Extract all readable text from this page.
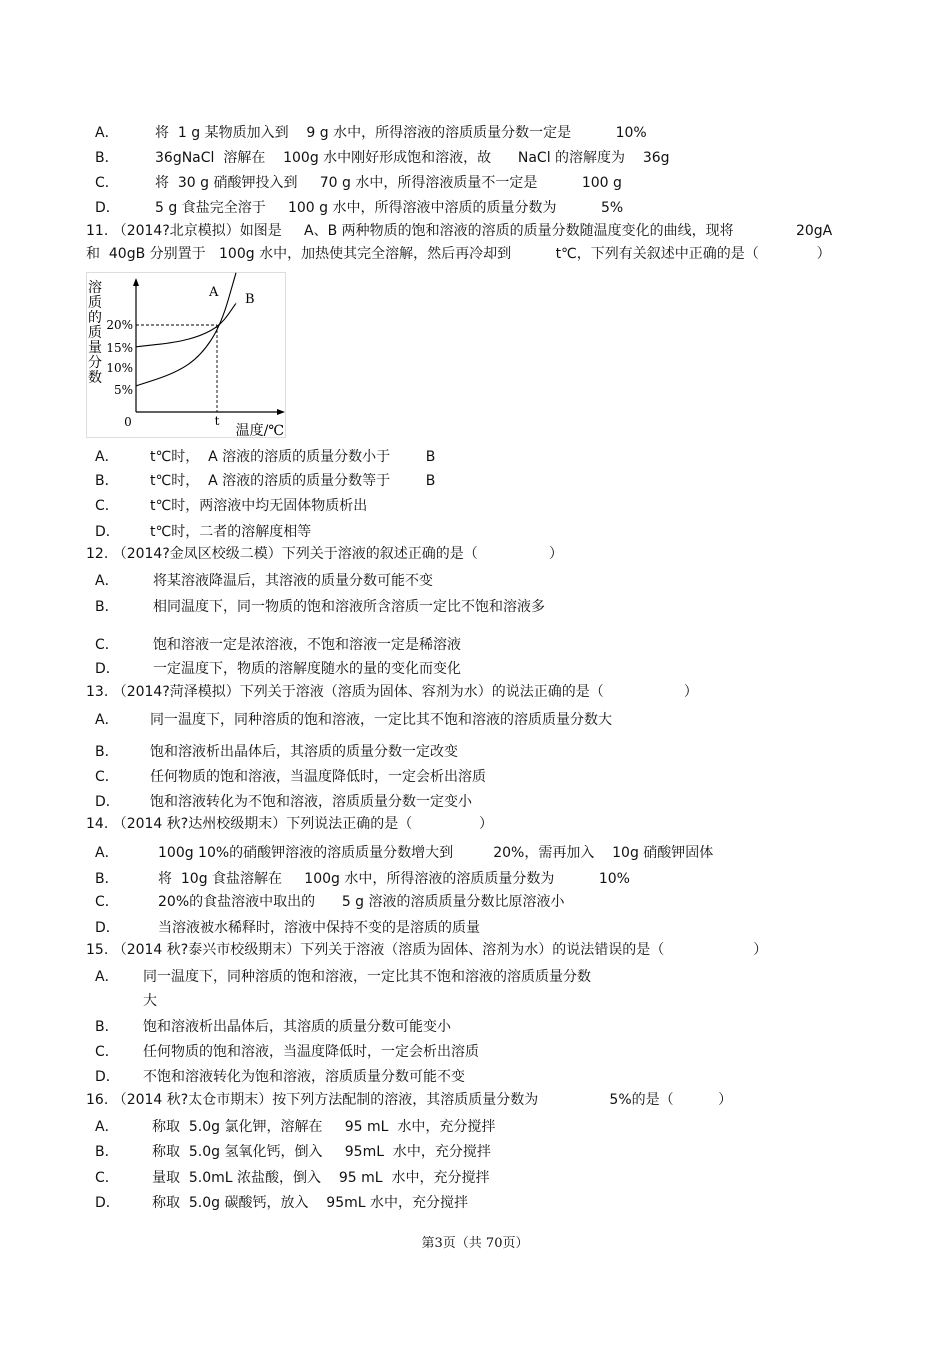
A．	将  1 g 某物质加入到    9 g 水中，所得溶液的溶质质量分数一定是          10%
B．	36gNaCl  溶解在    100g 水中刚好形成饱和溶液，故      NaCl 的溶解度为    36g
C．	将  30 g 硝酸钾投入到     70 g 水中，所得溶液质量不一定是          100 g
D．	5 g 食盐完全溶于     100 g 水中，所得溶液中溶质的质量分数为          5%
11. （2014?北京模拟）如图是     A、B 两种物质的饱和溶液的溶质的质量分数随温度变化的曲线，现将              20gA
和  40gB 分别置于   100g 水中，加热使其完全溶解，然后再冷却到          t℃，下列有关叙述中正确的是（             ）
溶
质
的
质
量
分
数
20%
15%
10%
5%
0	t
温度/℃
A B
A． t℃时，  A 溶液的溶质的质量分数小于        B
B． t℃时，  A 溶液的溶质的质量分数等于        B
C． t℃时，两溶液中均无固体物质析出
D． t℃时，二者的溶解度相等
12. （2014?金凤区校级二模）下列关于溶液的叙述正确的是（                ）
A． 将某溶液降温后，其溶液的质量分数可能不变
B． 相同温度下，同一物质的饱和溶液所含溶质一定比不饱和溶液多
C． 饱和溶液一定是浓溶液，不饱和溶液一定是稀溶液
D． 一定温度下，物质的溶解度随水的量的变化而变化
13. （2014?菏泽模拟）下列关于溶液（溶质为固体、容剂为水）的说法正确的是（                  ）
A． 同一温度下，同种溶质的饱和溶液，一定比其不饱和溶液的溶质质量分数大
B． 饱和溶液析出晶体后，其溶质的质量分数一定改变
C． 任何物质的饱和溶液，当温度降低时，一定会析出溶质
D． 饱和溶液转化为不饱和溶液，溶质质量分数一定变小
14. （2014 秋?达州校级期末）下列说法正确的是（               ）
A．	100g 10%的硝酸钾溶液的溶质质量分数增大到         20%，需再加入    10g 硝酸钾固体
B．	将  10g 食盐溶解在     100g 水中，所得溶液的溶质质量分数为          10%
C．	20%的食盐溶液中取出的      5 g 溶液的溶质质量分数比原溶液小
D．	当溶液被水稀释时，溶液中保持不变的是溶质的质量
15. （2014 秋?泰兴市校级期末）下列关于溶液（溶质为固体、溶剂为水）的说法错误的是（                    ）
A． 同一温度下，同种溶质的饱和溶液，一定比其不饱和溶液的溶质质量分数
大
B． 饱和溶液析出晶体后，其溶质的质量分数可能变小
C． 任何物质的饱和溶液，当温度降低时，一定会析出溶质
D． 不饱和溶液转化为饱和溶液，溶质质量分数可能不变
16. （2014 秋?太仓市期末）按下列方法配制的溶液，其溶质质量分数为                5%的是（          ）
A． 称取  5.0g 氯化钾，溶解在     95 mL  水中，充分搅拌
B． 称取  5.0g 氢氧化钙，倒入     95mL  水中，充分搅拌
C． 量取  5.0mL 浓盐酸，倒入    95 mL  水中，充分搅拌
D． 称取  5.0g 碳酸钙，放入    95mL 水中，充分搅拌
第3页（共 70页）
